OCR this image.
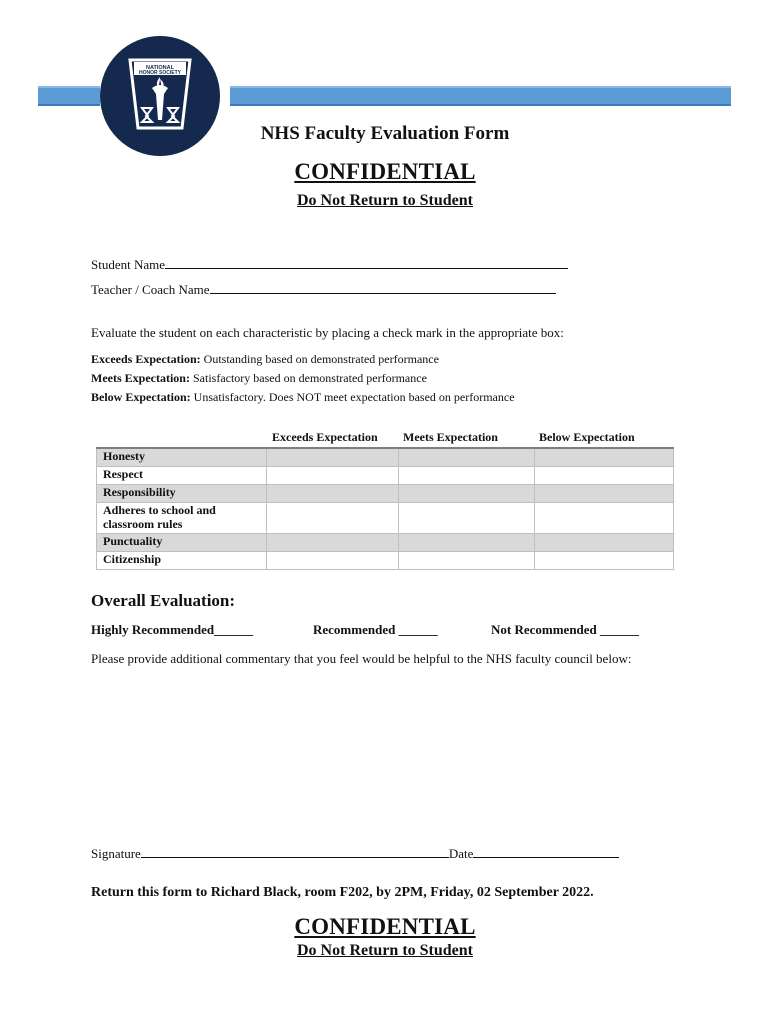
NATIONAL
HONOR SOCIETY
NHS Faculty Evaluation Form
CONFIDENTIAL
Do Not Return to Student
Student Name
Teacher / Coach Name
Evaluate the student on each characteristic by placing a check mark in the appropriate box:
Exceeds Expectation: Outstanding based on demonstrated performance
Meets Expectation: Satisfactory based on demonstrated performance
Below Expectation: Unsatisfactory. Does NOT meet expectation based on performance
Exceeds Expectation Meets Expectation	Below Expectation
Honesty			
Respect			
Responsibility			
Adheres to school and classroom rules			
Punctuality			
Citizenship			
Overall Evaluation:
Highly Recommended______	Recommended ______	Not Recommended ______
Please provide additional commentary that you feel would be helpful to the NHS faculty council below:
Signature	Date
Return this form to Richard Black, room F202, by 2PM, Friday, 02 September 2022.
CONFIDENTIAL
Do Not Return to Student
